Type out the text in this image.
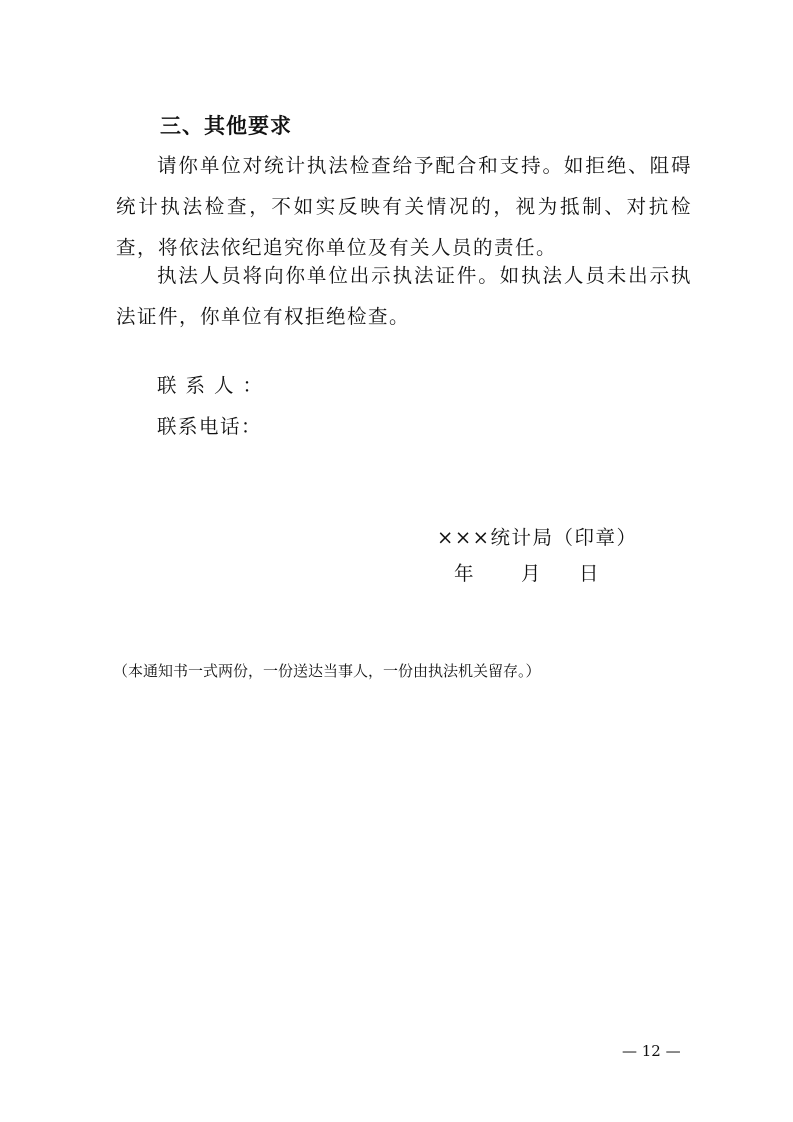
三、其他要求
请你单位对统计执法检查给予配合和支持。如拒绝、阻碍统计执法检查，不如实反映有关情况的，视为抵制、对抗检查，将依法依纪追究你单位及有关人员的责任。
执法人员将向你单位出示执法证件。如执法人员未出示执法证件，你单位有权拒绝检查。
联系人：
联系电话：
×××统计局（印章）
年 月 日
（本通知书一式两份，一份送达当事人，一份由执法机关留存。）
— 12 —
